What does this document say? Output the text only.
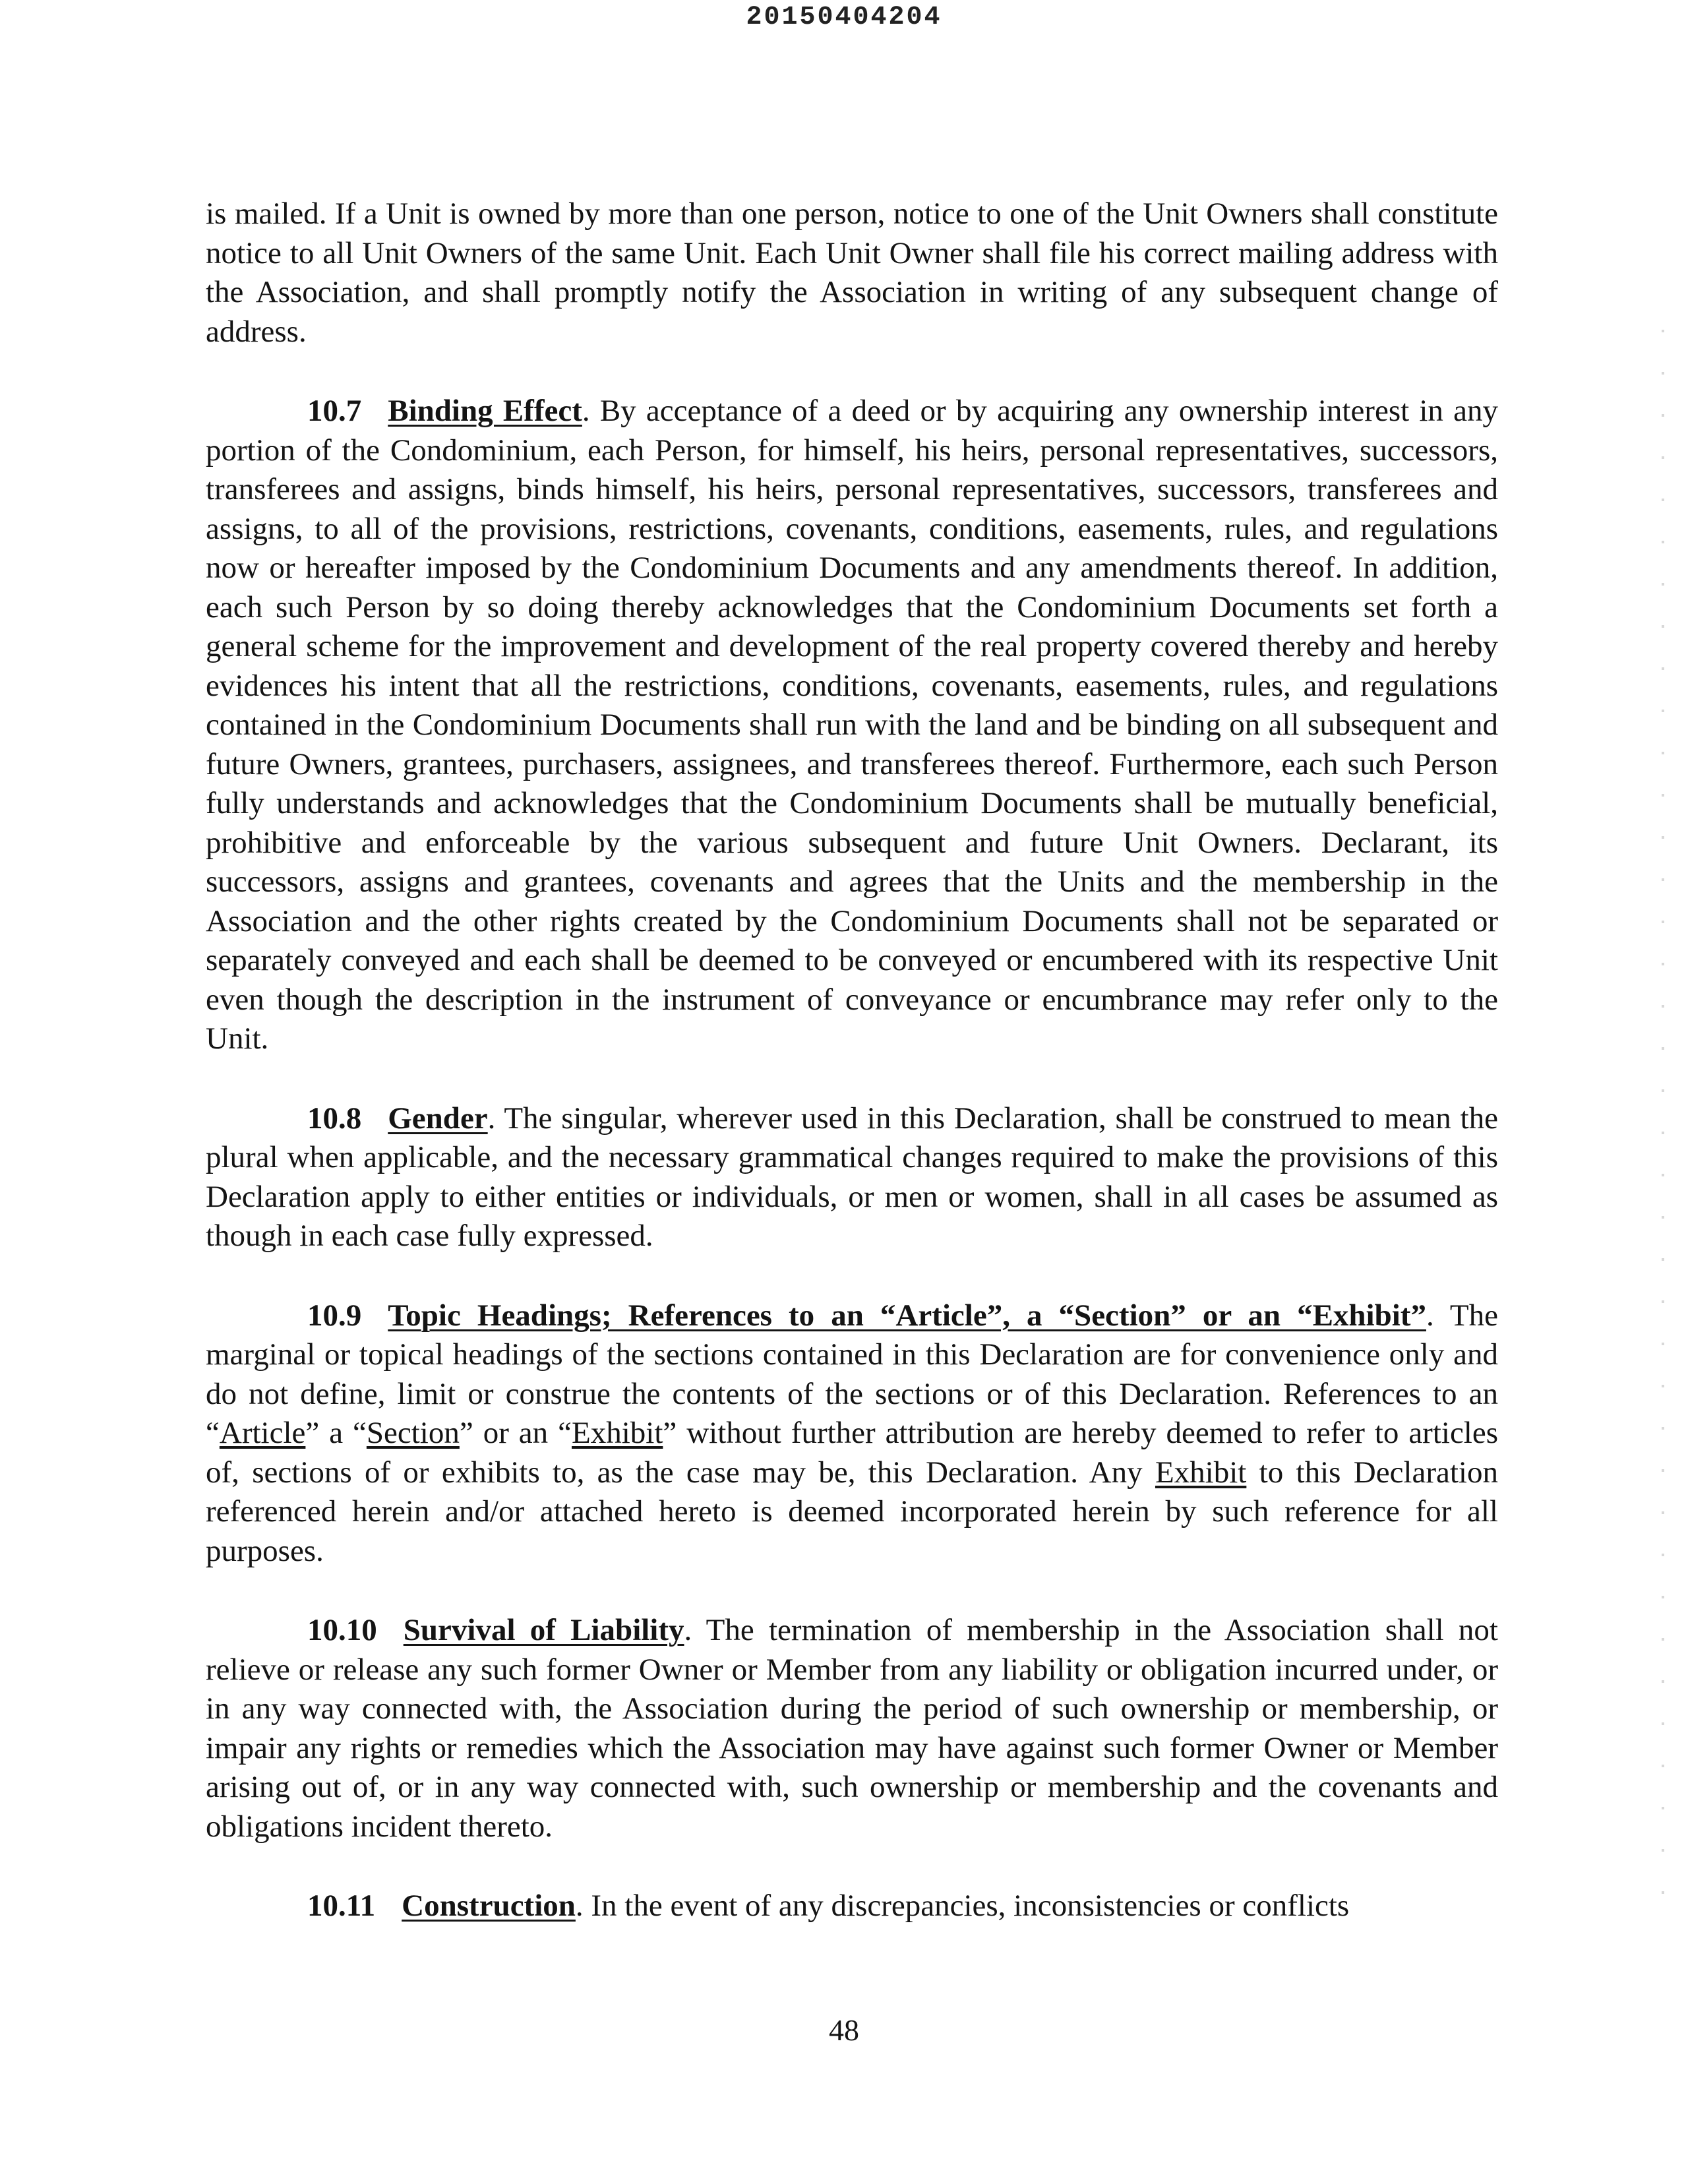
20150404204

is mailed. If a Unit is owned by more than one person, notice to one of the Unit Owners shall constitute notice to all Unit Owners of the same Unit. Each Unit Owner shall file his correct mailing address with the Association, and shall promptly notify the Association in writing of any subsequent change of address.

10.7 Binding Effect. By acceptance of a deed or by acquiring any ownership interest in any portion of the Condominium, each Person, for himself, his heirs, personal representatives, successors, transferees and assigns, binds himself, his heirs, personal representatives, successors, transferees and assigns, to all of the provisions, restrictions, covenants, conditions, easements, rules, and regulations now or hereafter imposed by the Condominium Documents and any amendments thereof. In addition, each such Person by so doing thereby acknowledges that the Condominium Documents set forth a general scheme for the improvement and development of the real property covered thereby and hereby evidences his intent that all the restrictions, conditions, covenants, easements, rules, and regulations contained in the Condominium Documents shall run with the land and be binding on all subsequent and future Owners, grantees, purchasers, assignees, and transferees thereof. Furthermore, each such Person fully understands and acknowledges that the Condominium Documents shall be mutually beneficial, prohibitive and enforceable by the various subsequent and future Unit Owners. Declarant, its successors, assigns and grantees, covenants and agrees that the Units and the membership in the Association and the other rights created by the Condominium Documents shall not be separated or separately conveyed and each shall be deemed to be conveyed or encumbered with its respective Unit even though the description in the instrument of conveyance or encumbrance may refer only to the Unit.

10.8 Gender. The singular, wherever used in this Declaration, shall be construed to mean the plural when applicable, and the necessary grammatical changes required to make the provisions of this Declaration apply to either entities or individuals, or men or women, shall in all cases be assumed as though in each case fully expressed.

10.9 Topic Headings; References to an “Article”, a “Section” or an “Exhibit”. The marginal or topical headings of the sections contained in this Declaration are for convenience only and do not define, limit or construe the contents of the sections or of this Declaration. References to an “Article” a “Section” or an “Exhibit” without further attribution are hereby deemed to refer to articles of, sections of or exhibits to, as the case may be, this Declaration. Any Exhibit to this Declaration referenced herein and/or attached hereto is deemed incorporated herein by such reference for all purposes.

10.10 Survival of Liability. The termination of membership in the Association shall not relieve or release any such former Owner or Member from any liability or obligation incurred under, or in any way connected with, the Association during the period of such ownership or membership, or impair any rights or remedies which the Association may have against such former Owner or Member arising out of, or in any way connected with, such ownership or membership and the covenants and obligations incident thereto.

10.11 Construction. In the event of any discrepancies, inconsistencies or conflicts

48
